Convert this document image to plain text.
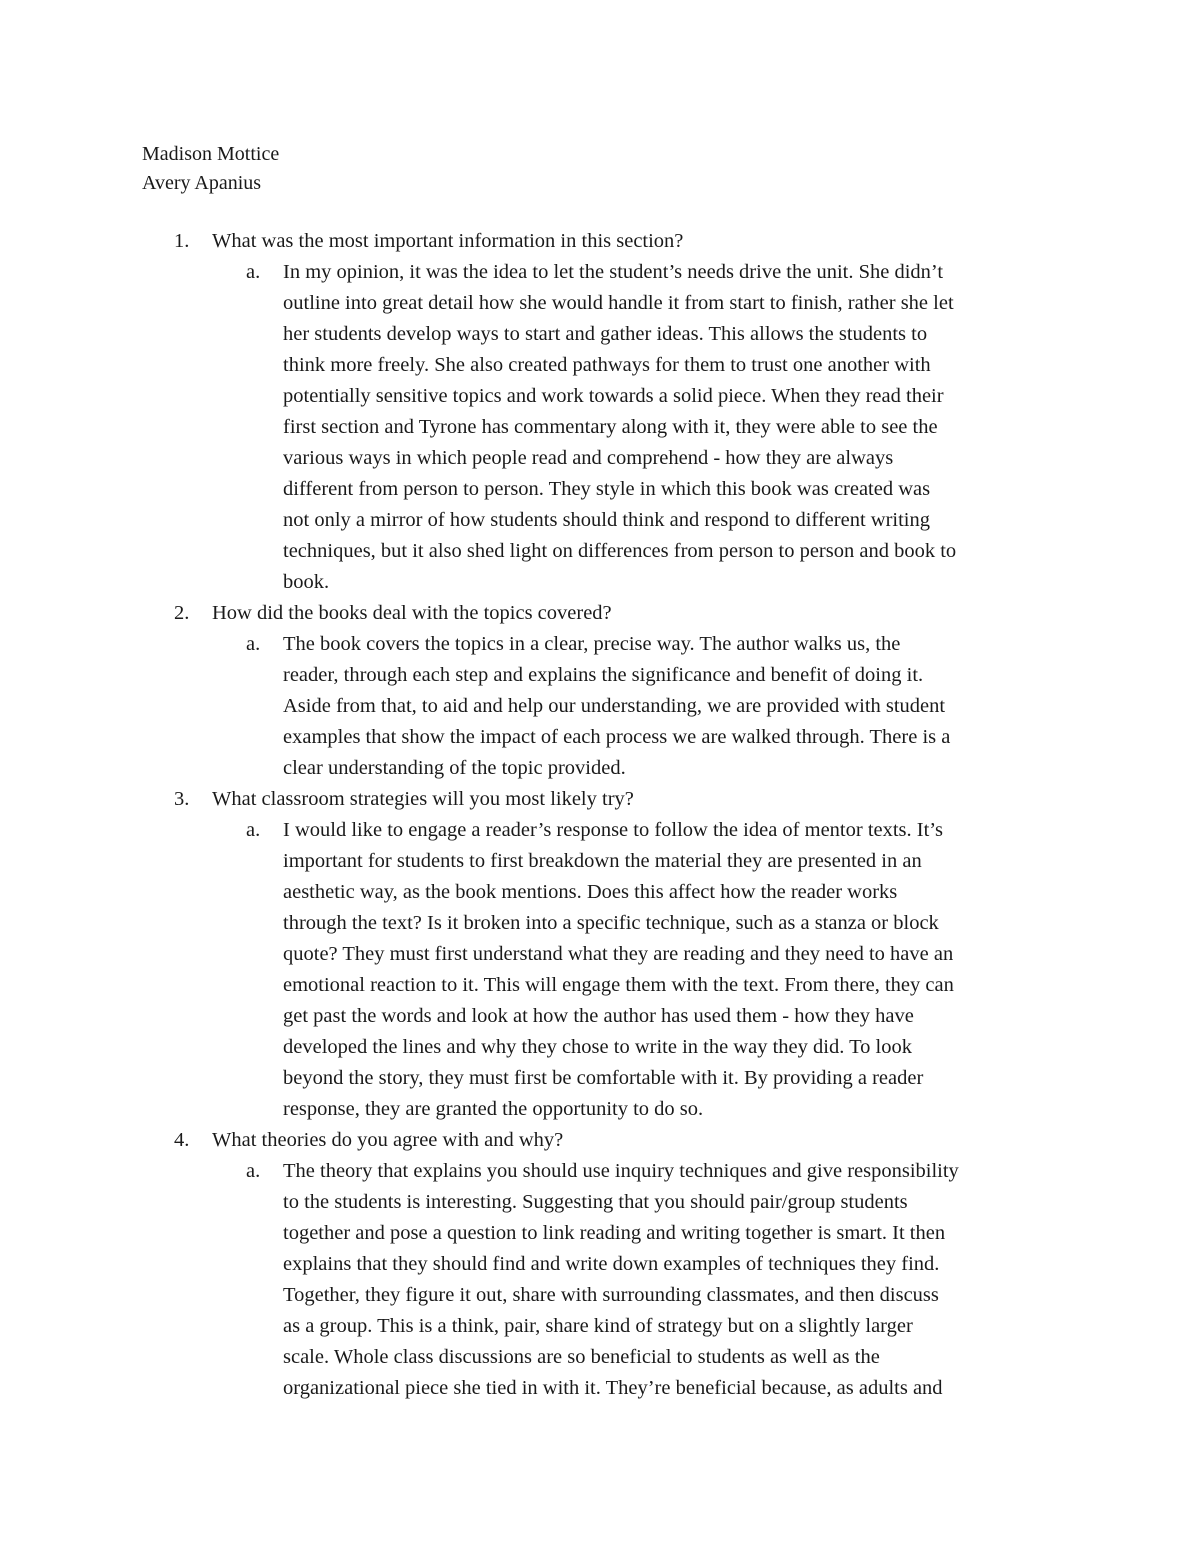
Madison Mottice
Avery Apanius
1. What was the most important information in this section?
a. In my opinion, it was the idea to let the student’s needs drive the unit. She didn’t
outline into great detail how she would handle it from start to finish, rather she let
her students develop ways to start and gather ideas. This allows the students to
think more freely. She also created pathways for them to trust one another with
potentially sensitive topics and work towards a solid piece. When they read their
first section and Tyrone has commentary along with it, they were able to see the
various ways in which people read and comprehend - how they are always
different from person to person. They style in which this book was created was
not only a mirror of how students should think and respond to different writing
techniques, but it also shed light on differences from person to person and book to
book.
2. How did the books deal with the topics covered?
a. The book covers the topics in a clear, precise way. The author walks us, the
reader, through each step and explains the significance and benefit of doing it.
Aside from that, to aid and help our understanding, we are provided with student
examples that show the impact of each process we are walked through. There is a
clear understanding of the topic provided.
3. What classroom strategies will you most likely try?
a. I would like to engage a reader’s response to follow the idea of mentor texts. It’s
important for students to first breakdown the material they are presented in an
aesthetic way, as the book mentions. Does this affect how the reader works
through the text? Is it broken into a specific technique, such as a stanza or block
quote? They must first understand what they are reading and they need to have an
emotional reaction to it. This will engage them with the text. From there, they can
get past the words and look at how the author has used them - how they have
developed the lines and why they chose to write in the way they did. To look
beyond the story, they must first be comfortable with it. By providing a reader
response, they are granted the opportunity to do so.
4. What theories do you agree with and why?
a. The theory that explains you should use inquiry techniques and give responsibility
to the students is interesting. Suggesting that you should pair/group students
together and pose a question to link reading and writing together is smart. It then
explains that they should find and write down examples of techniques they find.
Together, they figure it out, share with surrounding classmates, and then discuss
as a group. This is a think, pair, share kind of strategy but on a slightly larger
scale. Whole class discussions are so beneficial to students as well as the
organizational piece she tied in with it. They’re beneficial because, as adults and
